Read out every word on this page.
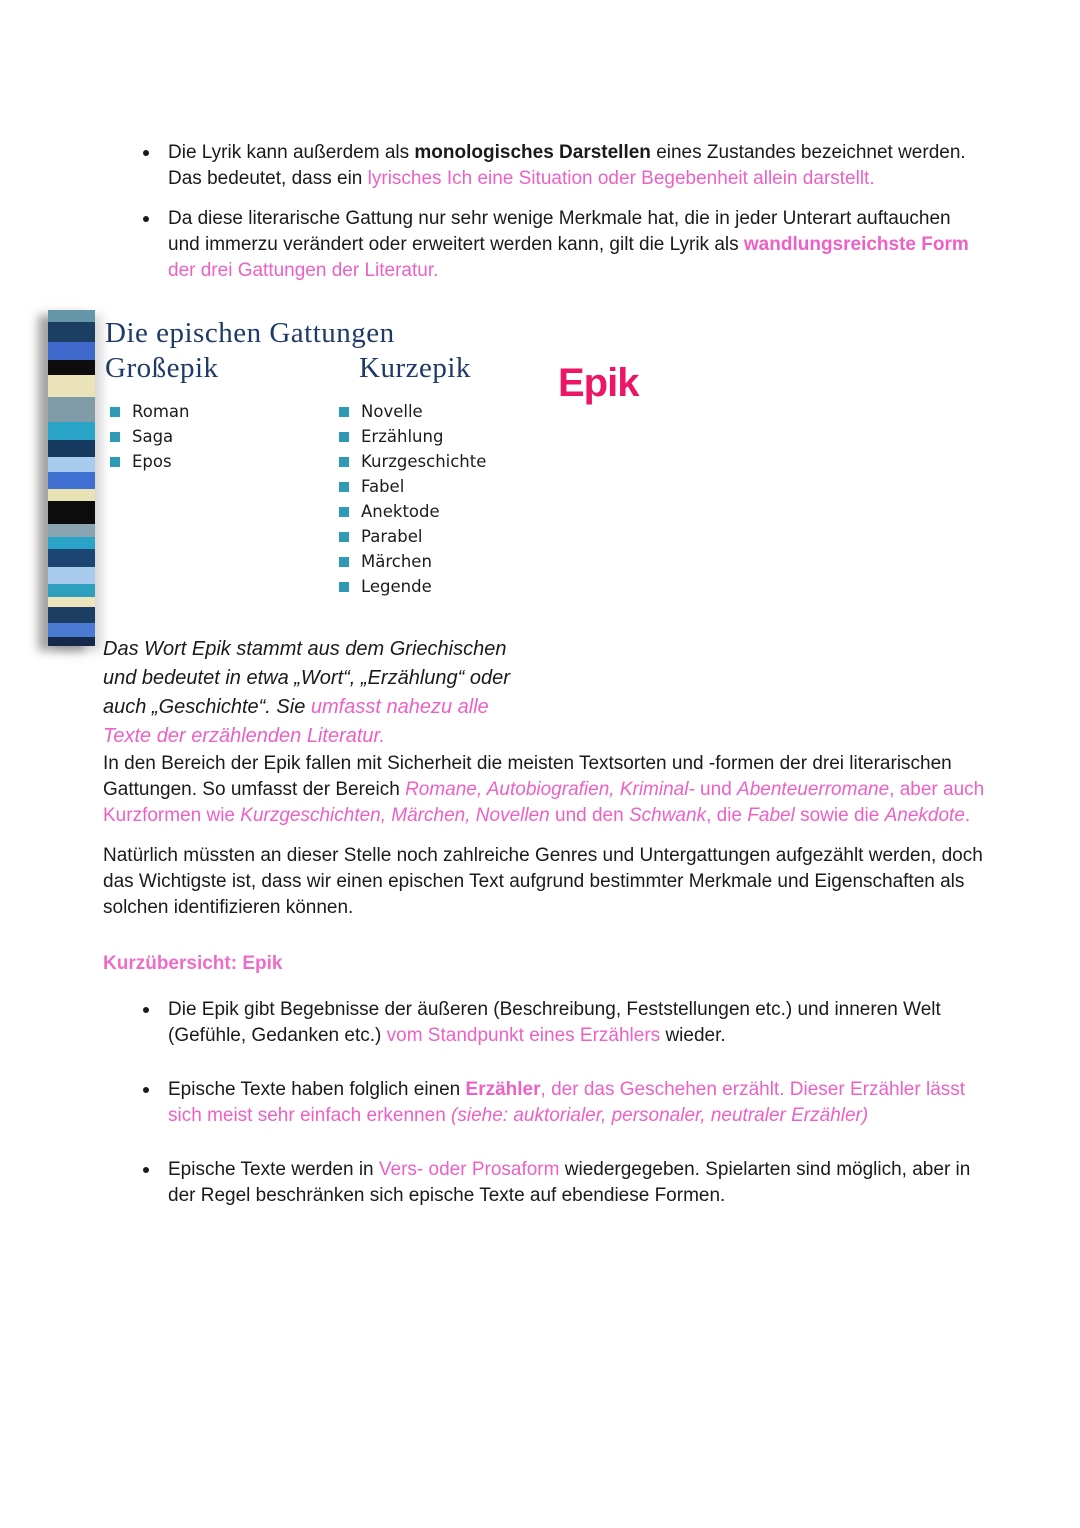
Die Lyrik kann außerdem als monologisches Darstellen eines Zustandes bezeichnet werden. Das bedeutet, dass ein lyrisches Ich eine Situation oder Begebenheit allein darstellt.
Da diese literarische Gattung nur sehr wenige Merkmale hat, die in jeder Unterart auftauchen und immerzu verändert oder erweitert werden kann, gilt die Lyrik als wandlungsreichste Form der drei Gattungen der Literatur.
Die epischen Gattungen
Großepik
Roman
Saga
Epos
Kurzepik
Novelle
Erzählung
Kurzgeschichte
Fabel
Anektode
Parabel
Märchen
Legende
Epik

Das Wort Epik stammt aus dem Griechischen und bedeutet in etwa „Wort“, „Erzählung“ oder auch „Geschichte“. Sie umfasst nahezu alle Texte der erzählenden Literatur.

In den Bereich der Epik fallen mit Sicherheit die meisten Textsorten und -formen der drei literarischen Gattungen. So umfasst der Bereich Romane, Autobiografien, Kriminal- und Abenteuerromane, aber auch Kurzformen wie Kurzgeschichten, Märchen, Novellen und den Schwank, die Fabel sowie die Anekdote.

Natürlich müssten an dieser Stelle noch zahlreiche Genres und Untergattungen aufgezählt werden, doch das Wichtigste ist, dass wir einen epischen Text aufgrund bestimmter Merkmale und Eigenschaften als solchen identifizieren können.

Kurzübersicht: Epik
Die Epik gibt Begebnisse der äußeren (Beschreibung, Feststellungen etc.) und inneren Welt (Gefühle, Gedanken etc.) vom Standpunkt eines Erzählers wieder.
Epische Texte haben folglich einen Erzähler, der das Geschehen erzählt. Dieser Erzähler lässt sich meist sehr einfach erkennen (siehe: auktorialer, personaler, neutraler Erzähler)
Epische Texte werden in Vers- oder Prosaform wiedergegeben. Spielarten sind möglich, aber in der Regel beschränken sich epische Texte auf ebendiese Formen.
